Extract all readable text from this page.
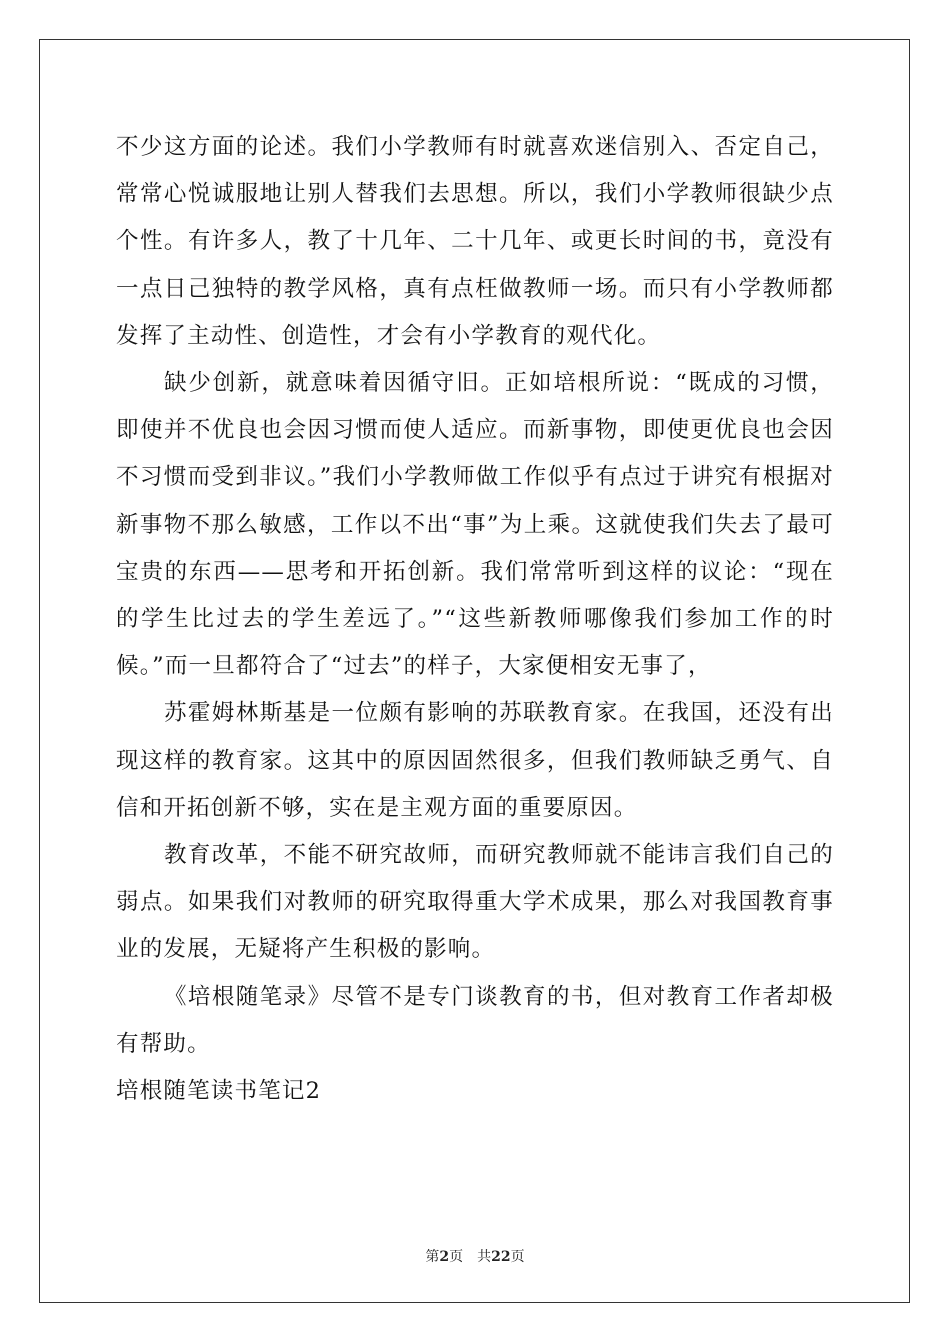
不少这方面的论述。我们小学教师有时就喜欢迷信别入、否定自己，常常心悦诚服地让别人替我们去思想。所以，我们小学教师很缺少点个性。有许多人，教了十几年、二十几年、或更长时间的书，竟没有一点日己独特的教学风格，真有点枉做教师一场。而只有小学教师都发挥了主动性、创造性，才会有小学教育的观代化。

缺少创新，就意味着因循守旧。正如培根所说：“既成的习惯，即使并不优良也会因习惯而使人适应。而新事物，即使更优良也会因不习惯而受到非议。”我们小学教师做工作似乎有点过于讲究有根据对新事物不那么敏感，工作以不出“事”为上乘。这就使我们失去了最可宝贵的东西——思考和开拓创新。我们常常听到这样的议论：“现在的学生比过去的学生差远了。”“这些新教师哪像我们参加工作的时候。”而一旦都符合了“过去”的样子，大家便相安无事了，

苏霍姆林斯基是一位颇有影响的苏联教育家。在我国，还没有出现这样的教育家。这其中的原因固然很多，但我们教师缺乏勇气、自信和开拓创新不够，实在是主观方面的重要原因。

教育改革，不能不研究故师，而研究教师就不能讳言我们自己的弱点。如果我们对教师的研究取得重大学术成果，那么对我国教育事业的发展，无疑将产生积极的影响。

《培根随笔录》尽管不是专门谈教育的书，但对教育工作者却极有帮助。

培根随笔读书笔记2

第2页 共22页
